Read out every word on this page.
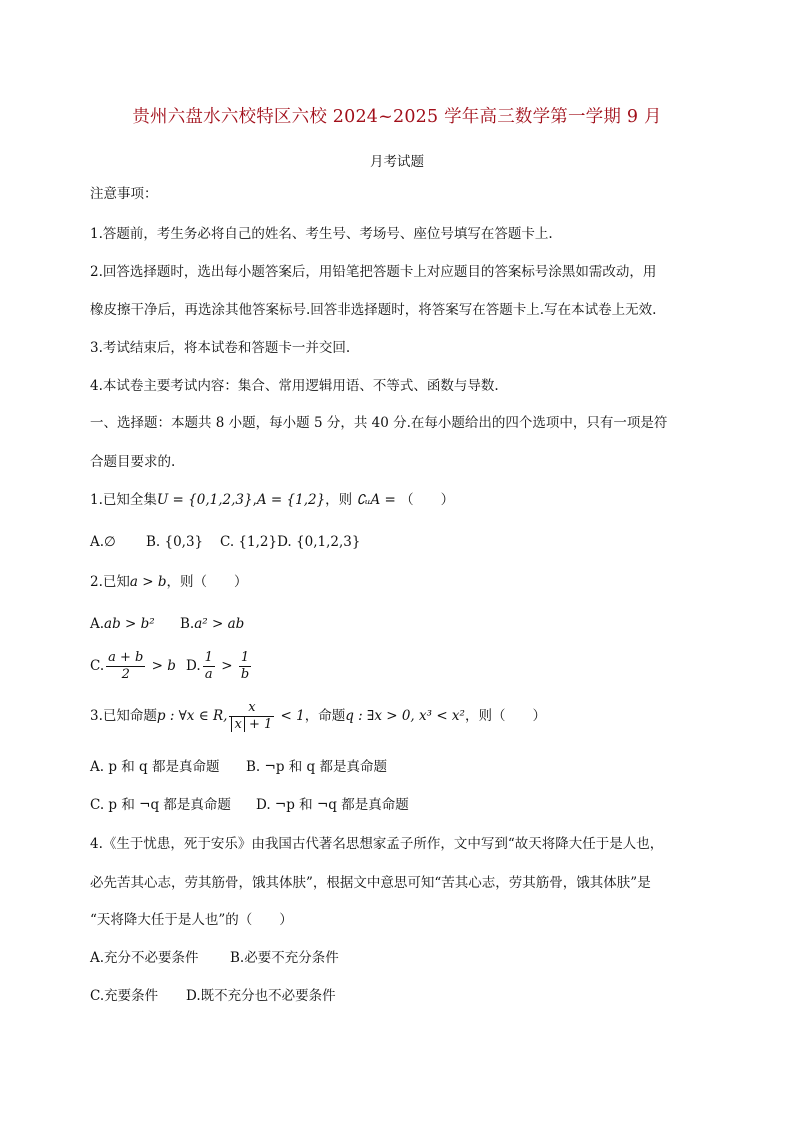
贵州六盘水六校特区六校 2024~2025 学年高三数学第一学期 9 月
月考试题
注意事项：
1.答题前，考生务必将自己的姓名、考生号、考场号、座位号填写在答题卡上.
2.回答选择题时，选出每小题答案后，用铅笔把答题卡上对应题目的答案标号涂黑如需改动，用
橡皮擦干净后，再选涂其他答案标号.回答非选择题时，将答案写在答题卡上.写在本试卷上无效.
3.考试结束后，将本试卷和答题卡一并交回.
4.本试卷主要考试内容：集合、常用逻辑用语、不等式、函数与导数.
一、选择题：本题共 8 小题，每小题 5 分，共 40 分.在每小题给出的四个选项中，只有一项是符
合题目要求的.
1.已知全集U = {0,1,2,3},A = {1,2}，则 ∁ᵤA = （　　）
A.∅ B. {0,3} C. {1,2}D. {0,1,2,3}
2.已知a > b，则（　　）
A.ab > b² B.a² > ab
C. $\frac{a + b}{2} > b$ D. $\frac{1}{a} > \frac{1}{b}$
3.已知命题p : ∀x ∈ R, $\frac{x}{x + 1} < 1$，命题q : ∃x > 0, x³ < x²，则（　　）
A. p 和 q 都是真命题 B. ¬p 和 q 都是真命题
C. p 和 ¬q 都是真命题 D. ¬p 和 ¬q 都是真命题
4.《生于忧患，死于安乐》由我国古代著名思想家孟子所作，文中写到“故天将降大任于是人也，
必先苦其心志，劳其筋骨，饿其体肤”，根据文中意思可知“苦其心志，劳其筋骨，饿其体肤”是
“天将降大任于是人也”的（　　）
A.充分不必要条件 B.必要不充分条件
C.充要条件 D.既不充分也不必要条件
